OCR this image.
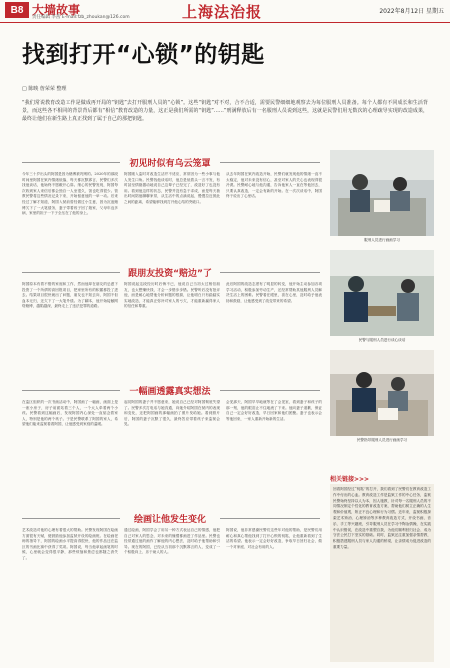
B8 大墙故事
责任编辑 李茜 E-mail:fzb_zhoukan@126.com	上海法治报	2022年8月12日 星期五
找到打开“心锁”的钥匙
□ 陈映 詹荣荣 整理
“我们常说教育改造工作是做成再开局的“钥匙”去打开服刑人员的“心锁”。这些“钥匙”对不对，合不合适，需要民警细细地观察去为每位服刑人员准备。每个人都有不同成长和生活背景，而这些各不相同的背景背后都有“相信”教育改造的力量，这正是我们所需的“钥匙”……”刑满释放后有一名服刑人员说到这些，这就是民警们用无数次的心理疏导实现的改造成果，最终让他们在新生路上真正找到了属于自己的那把钥匙。
初见时似有乌云笼罩
今年三十岁出头的阿国是因为赌博被判刑的。2020年的那段时间里阿国在狱内情绪低落，每天都沉默寡言，民警们多次找他谈话，他始终不愿敞开心扉。细心的民警发现，阿国每次收到家人来信后都会独自一人坐很久，饭也吃得很少。管教民警将这些情况记录下来，开始留意他的一举一动。后来经过了解才知道，阿国入狱前曾经做过小生意，因为沉迷赌博欠下了一大笔债务，妻子带着孩子回了娘家，父母年迈多病，家里的担子一下子全压在了他的身上。
阿国刚入监时对改造生活并不适应，常常因为一些小事与他人发生口角。民警找他谈话时，他总是低着头一言不发，有时甚至情绪激动地说自己这辈子已经完了，改造好了也没有用。看到他这样的状态，民警并没有急于求成，而是每天抽出时间陪他聊聊家常，从生活中的点滴说起，慢慢拉近彼此之间的距离，希望能够找到打开他心结的突破口。
从去年阿国在狱内改造开始，民警们就发现他的情绪一直不太稳定，他对未来没有信心，甚至对家人的关心也表现得很冷漠。民警耐心地与他沟通，告诉他家人一直在等他回去，只要认真改造，一定会有新的开始。在一次次谈话中，阿国终于说出了心里话。
跟朋友投资“赔边”了
阿国原本有着不错的家庭和工作，然而他却在朋友的怂恿下投资了一个所谓的高回报项目，把家里所有的积蓄都投了进去。结果项目很快就出了问题，朋友也不知去向，阿国不但血本无归，还欠下了一大笔外债。为了翻本，他开始接触网络赌博，越陷越深，最终走上了违法犯罪的道路。
阿国说起这段经历时后悔不已，他说自己当初太过相信朋友，也太想赚快钱，才会一步错步步错。民警听后没有批评他，而是耐心地帮他分析问题的根源，让他明白只有踏踏实实地改造，才能真正弥补对家人的亏欠，才能重新赢得家人的信任和尊重。
此后阿国的改造态度有了明显的转变，他开始主动参加各项学习活动，积极参加劳动生产，还经常帮助其他服刑人员解决生活上的困难。民警看在眼里，喜在心里，及时给予他表扬和鼓励，让他感受到了改变带来的希望。
一幅画透露真实想法
在监区组织的一次书画活动中，阿国画了一幅画，画面上是一座小房子，房子前面站着三个人，一个大人牵着两个小孩。民警看到这幅画后，发现阿国内心深处一直惦念着家人，特别是他的两个孩子。于是民警联系了阿国的家人，希望他们能来监狱看看阿国，让他感受到家庭的温暖。
起初阿国的妻子并不愿意来，她说自己已经对阿国彻底失望了。民警多次打电话与她沟通，向她介绍阿国在狱内的表现和变化，还把阿国画的那幅画拍了照片发给她。看到照片后，阿国的妻子沉默了很久，最终答应带着孩子来监狱会见。
会见那天，阿国早早地就等在了会见室，看到妻子和孩子的那一刻，他的眼泪止不住地流了下来。他向妻子道歉，保证自己一定会好好改造，早日回家和他们团聚。妻子也表示会等他回来，一家人重新开始新的生活。
绘画让他发生变化
艺术改造对他的心理有着很大的帮助。民警发现阿国在绘画方面很有天赋，便鼓励他参加监狱开设的绘画班。在绘画老师的指导下，阿国的绘画水平提高得很快，他的作品还在监区的书画比赛中获得了奖项。阿国说，每当他拿起画笔的时候，心里就会变得很平静，那些烦恼和焦虑也都随之消失了。
通过绘画，阿国学会了用另一种方式表达自己的情感，他把自己对家人的思念、对未来的憧憬都画进了作品里。民警也经常通过他的画作了解他的内心想法，及时给予他帮助和引导。现在的阿国，已经从当初那个沉默寡言的人，变成了一个积极向上、乐于助人的人。
阿国说，他非常感谢民警们这些年对他的帮助，是民警们用耐心和真心帮他找到了打开心锁的钥匙，让他重新看到了生活的希望。他表示一定会好好改造，争取早日回归社会，做一个对家庭、对社会有用的人。
服刑人员进行画画学习
民警与服刑人员进行谈心谈话
民警指导服刑人员进行画画学习
相关链接>>>
回看阿国经过“钥匙”的打开，我们看到了民警们在教育改造工作中付出的心血。教育改造工作是监狱工作的中心任务，监狱民警始终坚持以人为本，因人施教，针对每一名服刑人员的不同情况制定个性化的教育改造方案，帮助他们树立正确的人生观和价值观，矫正不良心理和行为习惯。近年来，监狱积极探索艺术矫治、心理矫治等多种教育改造方式，开设书画、音乐、手工等兴趣班，引导服刑人员在学习中陶冶情操，在实践中认识错误，在改造中重塑自我，为他们顺利回归社会、成为守法公民打下坚实的基础。同时，监狱还注重加强亲情帮教，积极搭建服刑人员与家人沟通的桥梁，让亲情成为促进改造的重要力量。
